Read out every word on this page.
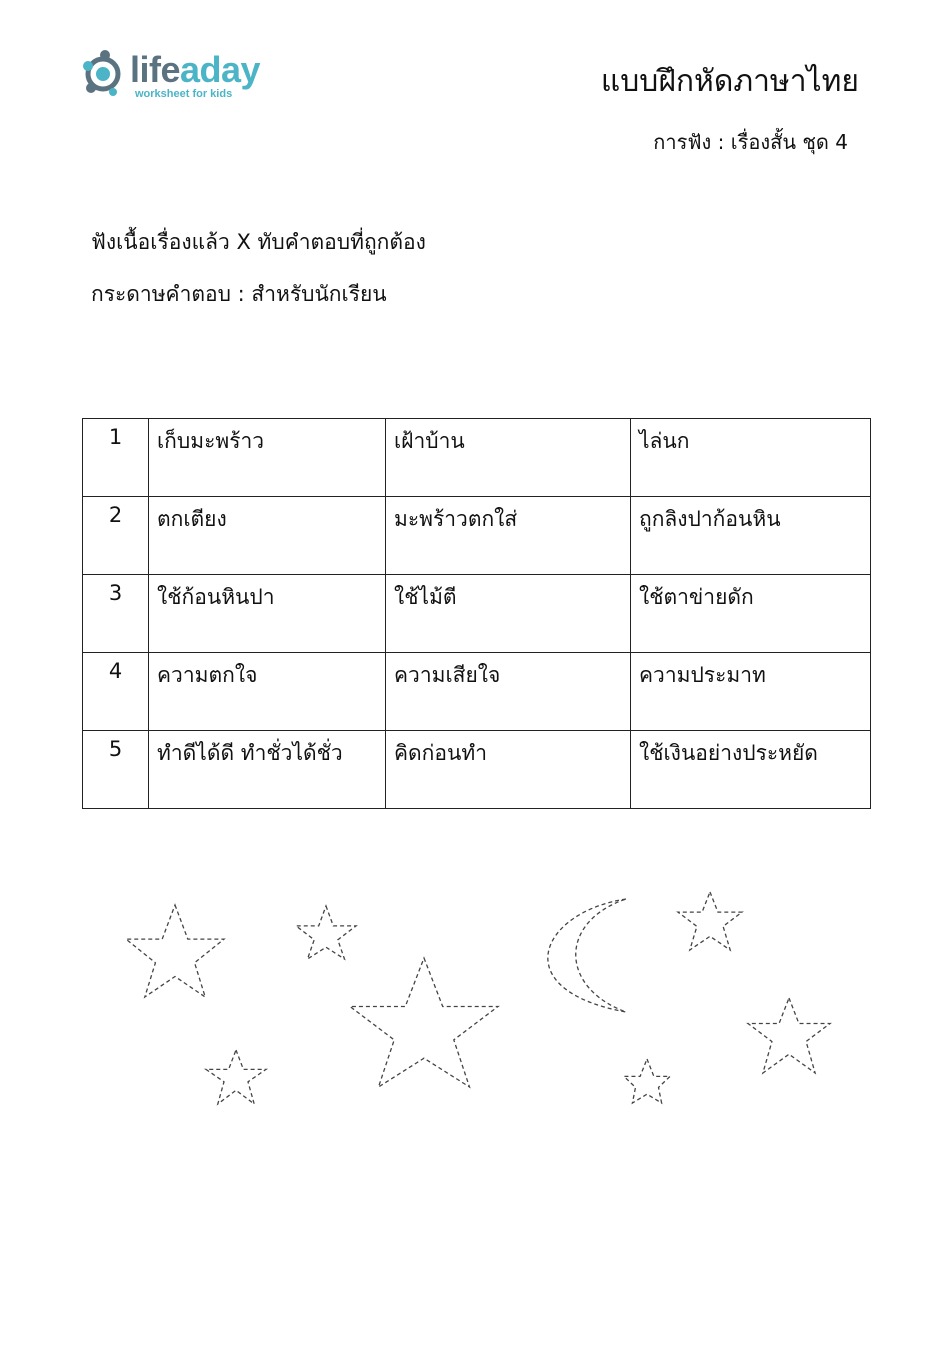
lifeaday
worksheet for kids	แบบฝึกหัดภาษาไทย
การฟัง : เรื่องสั้น ชุด 4
ฟังเนื้อเรื่องแล้ว X ทับคำตอบที่ถูกต้อง
กระดาษคำตอบ : สำหรับนักเรียน
1	เก็บมะพร้าว	เฝ้าบ้าน	ไล่นก
2	ตกเตียง	มะพร้าวตกใส่	ถูกลิงปาก้อนหิน
3	ใช้ก้อนหินปา	ใช้ไม้ตี	ใช้ตาข่ายดัก
4	ความตกใจ	ความเสียใจ	ความประมาท
5	ทำดีได้ดี ทำชั่วได้ชั่ว	คิดก่อนทำ	ใช้เงินอย่างประหยัด
